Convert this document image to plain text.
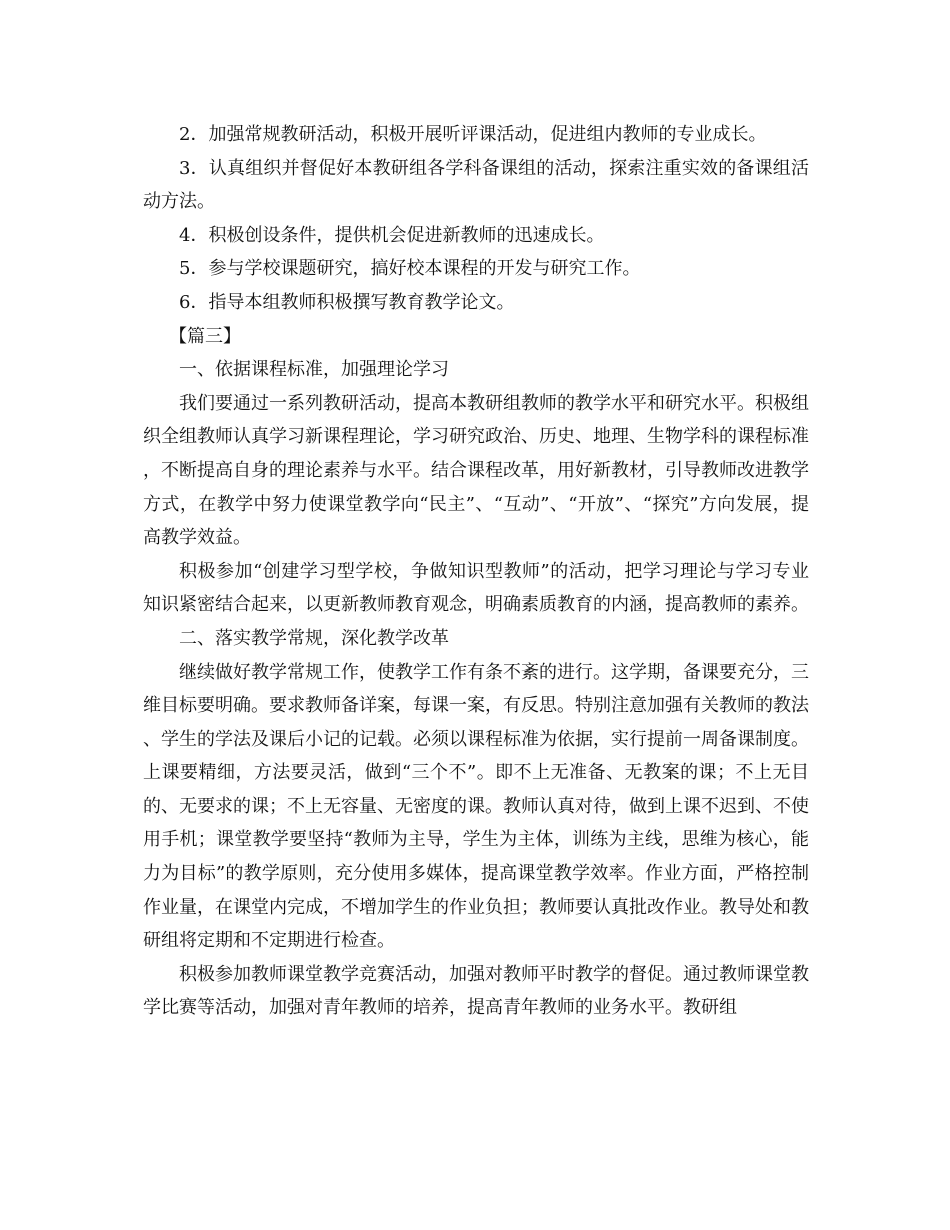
2．加强常规教研活动，积极开展听评课活动，促进组内教师的专业成长。

3．认真组织并督促好本教研组各学科备课组的活动，探索注重实效的备课组活动方法。

4．积极创设条件，提供机会促进新教师的迅速成长。

5．参与学校课题研究，搞好校本课程的开发与研究工作。

6．指导本组教师积极撰写教育教学论文。

【篇三】

一、依据课程标准，加强理论学习

我们要通过一系列教研活动，提高本教研组教师的教学水平和研究水平。积极组织全组教师认真学习新课程理论，学习研究政治、历史、地理、生物学科的课程标准，不断提高自身的理论素养与水平。结合课程改革，用好新教材，引导教师改进教学方式，在教学中努力使课堂教学向“民主”、“互动”、“开放”、“探究”方向发展，提高教学效益。

积极参加“创建学习型学校，争做知识型教师”的活动，把学习理论与学习专业知识紧密结合起来，以更新教师教育观念，明确素质教育的内涵，提高教师的素养。

二、落实教学常规，深化教学改革

继续做好教学常规工作，使教学工作有条不紊的进行。这学期，备课要充分，三维目标要明确。要求教师备详案，每课一案，有反思。特别注意加强有关教师的教法、学生的学法及课后小记的记载。必须以课程标准为依据，实行提前一周备课制度。上课要精细，方法要灵活，做到“三个不”。即不上无准备、无教案的课；不上无目的、无要求的课；不上无容量、无密度的课。教师认真对待，做到上课不迟到、不使用手机；课堂教学要坚持“教师为主导，学生为主体，训练为主线，思维为核心，能力为目标”的教学原则，充分使用多媒体，提高课堂教学效率。作业方面，严格控制作业量，在课堂内完成，不增加学生的作业负担；教师要认真批改作业。教导处和教研组将定期和不定期进行检查。

积极参加教师课堂教学竞赛活动，加强对教师平时教学的督促。通过教师课堂教学比赛等活动，加强对青年教师的培养，提高青年教师的业务水平。教研组
